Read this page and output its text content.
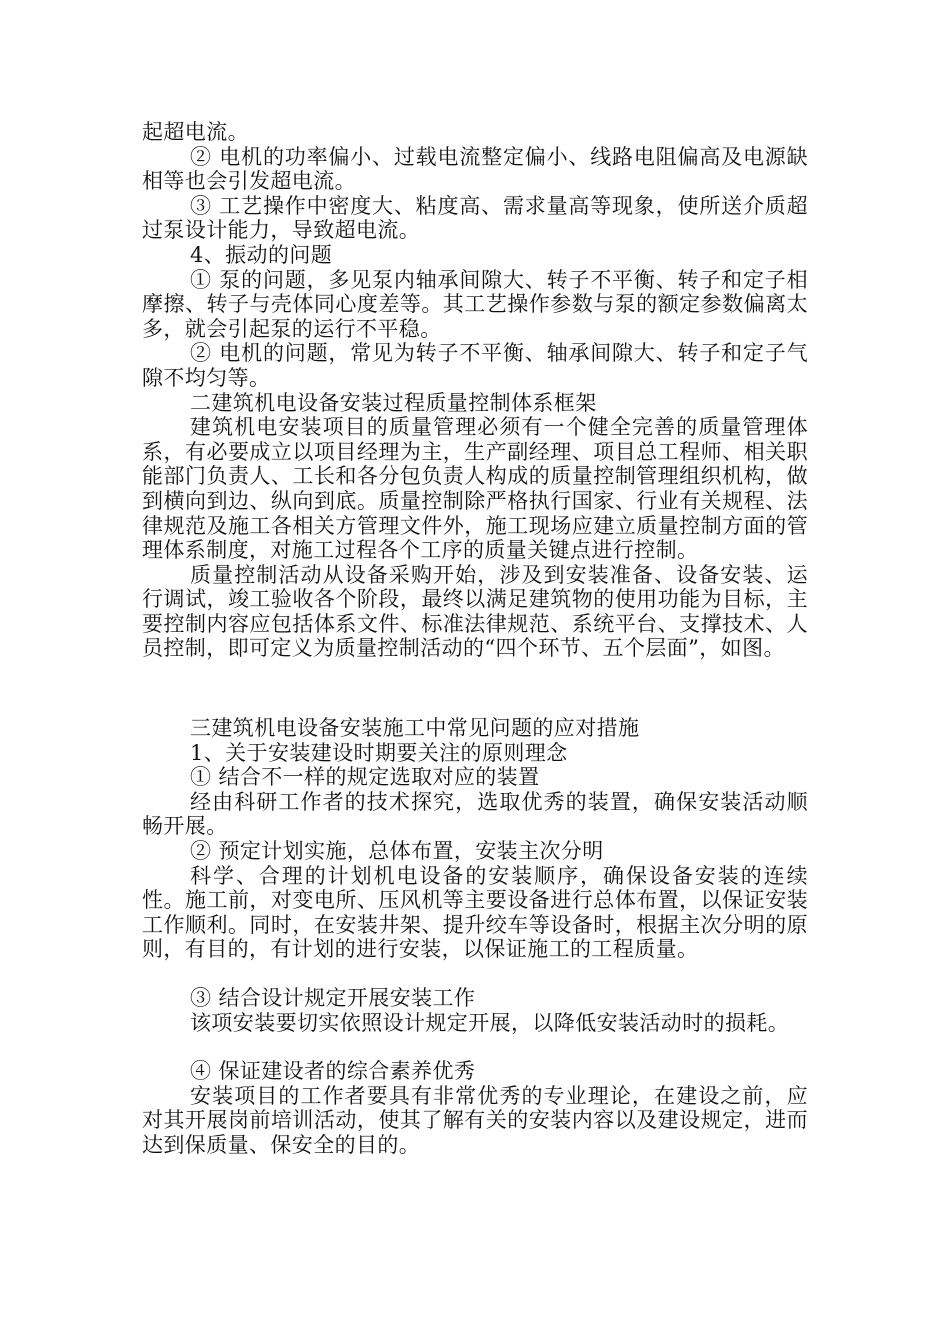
起超电流。

② 电机的功率偏小、过载电流整定偏小、线路电阻偏高及电源缺相等也会引发超电流。

③ 工艺操作中密度大、粘度高、需求量高等现象，使所送介质超过泵设计能力，导致超电流。

4、振动的问题

① 泵的问题，多见泵内轴承间隙大、转子不平衡、转子和定子相摩擦、转子与壳体同心度差等。其工艺操作参数与泵的额定参数偏离太多，就会引起泵的运行不平稳。

② 电机的问题，常见为转子不平衡、轴承间隙大、转子和定子气隙不均匀等。

二建筑机电设备安装过程质量控制体系框架

建筑机电安装项目的质量管理必须有一个健全完善的质量管理体系，有必要成立以项目经理为主，生产副经理、项目总工程师、相关职能部门负责人、工长和各分包负责人构成的质量控制管理组织机构，做到横向到边、纵向到底。质量控制除严格执行国家、行业有关规程、法律规范及施工各相关方管理文件外，施工现场应建立质量控制方面的管理体系制度，对施工过程各个工序的质量关键点进行控制。

质量控制活动从设备采购开始，涉及到安装准备、设备安装、运行调试，竣工验收各个阶段，最终以满足建筑物的使用功能为目标，主要控制内容应包括体系文件、标准法律规范、系统平台、支撑技术、人员控制，即可定义为质量控制活动的“四个环节、五个层面”，如图。

三建筑机电设备安装施工中常见问题的应对措施

1、关于安装建设时期要关注的原则理念

① 结合不一样的规定选取对应的装置

经由科研工作者的技术探究，选取优秀的装置，确保安装活动顺畅开展。

② 预定计划实施，总体布置，安装主次分明

科学、合理的计划机电设备的安装顺序，确保设备安装的连续性。施工前，对变电所、压风机等主要设备进行总体布置，以保证安装工作顺利。同时，在安装井架、提升绞车等设备时，根据主次分明的原则，有目的，有计划的进行安装，以保证施工的工程质量。

③ 结合设计规定开展安装工作

该项安装要切实依照设计规定开展，以降低安装活动时的损耗。

④ 保证建设者的综合素养优秀

安装项目的工作者要具有非常优秀的专业理论，在建设之前，应对其开展岗前培训活动，使其了解有关的安装内容以及建设规定，进而达到保质量、保安全的目的。
